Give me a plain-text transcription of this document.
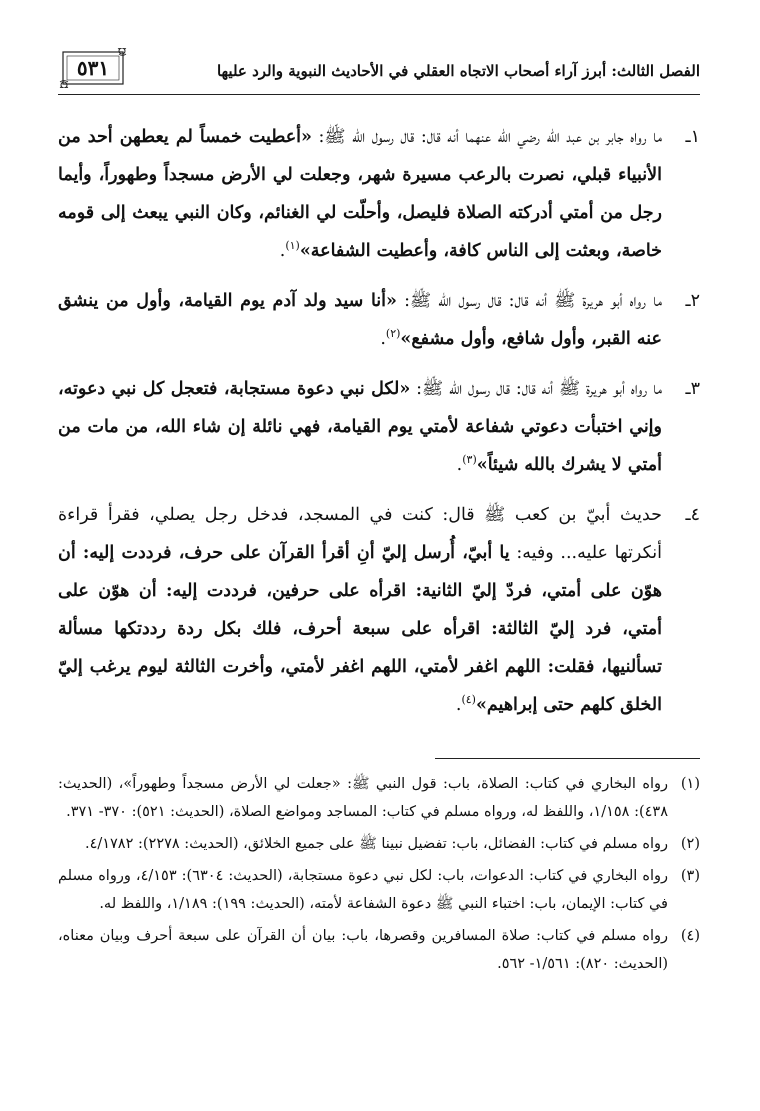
الفصل الثالث: أبرز آراء أصحاب الاتجاه العقلي في الأحاديث النبوية والرد عليها
٥٣١
١ـ
ما رواه جابر بن عبد الله رضي الله عنهما أنه قال: قال رسول الله ﷺ: «أعطيت خمساً لم يعطهن أحد من الأنبياء قبلي، نصرت بالرعب مسيرة شهر، وجعلت لي الأرض مسجداً وطهوراً، وأيما رجل من أمتي أدركته الصلاة فليصل، وأحلّت لي الغنائم، وكان النبي يبعث إلى قومه خاصة، وبعثت إلى الناس كافة، وأعطيت الشفاعة»$^{(١)}$.
٢ـ
ما رواه أبو هريرة ﷺ أنه قال: قال رسول الله ﷺ: «أنا سيد ولد آدم يوم القيامة، وأول من ينشق عنه القبر، وأول شافع، وأول مشفع»$^{(٢)}$.
٣ـ
ما رواه أبو هريرة ﷺ أنه قال: قال رسول الله ﷺ: «لكل نبي دعوة مستجابة، فتعجل كل نبي دعوته، وإني اختبأت دعوتي شفاعة لأمتي يوم القيامة، فهي نائلة إن شاء الله، من مات من أمتي لا يشرك بالله شيئاً»$^{(٣)}$.
٤ـ
حديث أبيّ بن كعب ﷺ قال: كنت في المسجد، فدخل رجل يصلي، فقرأ قراءة أنكرتها عليه... وفيه: يا أبيّ، أُرسل إليّ أنِ أقرأ القرآن على حرف، فرددت إليه: أن هوّن على أمتي، فردّ إليّ الثانية: اقرأه على حرفين، فرددت إليه: أن هوّن على أمتي، فرد إليّ الثالثة: اقرأه على سبعة أحرف، فلك بكل ردة رددتكها مسألة تسألنيها، فقلت: اللهم اغفر لأمتي، اللهم اغفر لأمتي، وأخرت الثالثة ليوم يرغب إليّ الخلق كلهم حتى إبراهيم»$^{(٤)}$.
(١)
رواه البخاري في كتاب: الصلاة، باب: قول النبي ﷺ: «جعلت لي الأرض مسجداً وطهوراً»، (الحديث: ٤٣٨): ١/١٥٨، واللفظ له، ورواه مسلم في كتاب: المساجد ومواضع الصلاة، (الحديث: ٥٢١): ٣٧٠- ٣٧١.
(٢)
رواه مسلم في كتاب: الفضائل، باب: تفضيل نبينا ﷺ على جميع الخلائق، (الحديث: ٢٢٧٨): ٤/١٧٨٢.
(٣)
رواه البخاري في كتاب: الدعوات، باب: لكل نبي دعوة مستجابة، (الحديث: ٦٣٠٤): ٤/١٥٣، ورواه مسلم في كتاب: الإيمان، باب: اختباء النبي ﷺ دعوة الشفاعة لأمته، (الحديث: ١٩٩): ١/١٨٩، واللفظ له.
(٤)
رواه مسلم في كتاب: صلاة المسافرين وقصرها، باب: بيان أن القرآن على سبعة أحرف وبيان معناه، (الحديث: ٨٢٠): ١/٥٦١- ٥٦٢.
